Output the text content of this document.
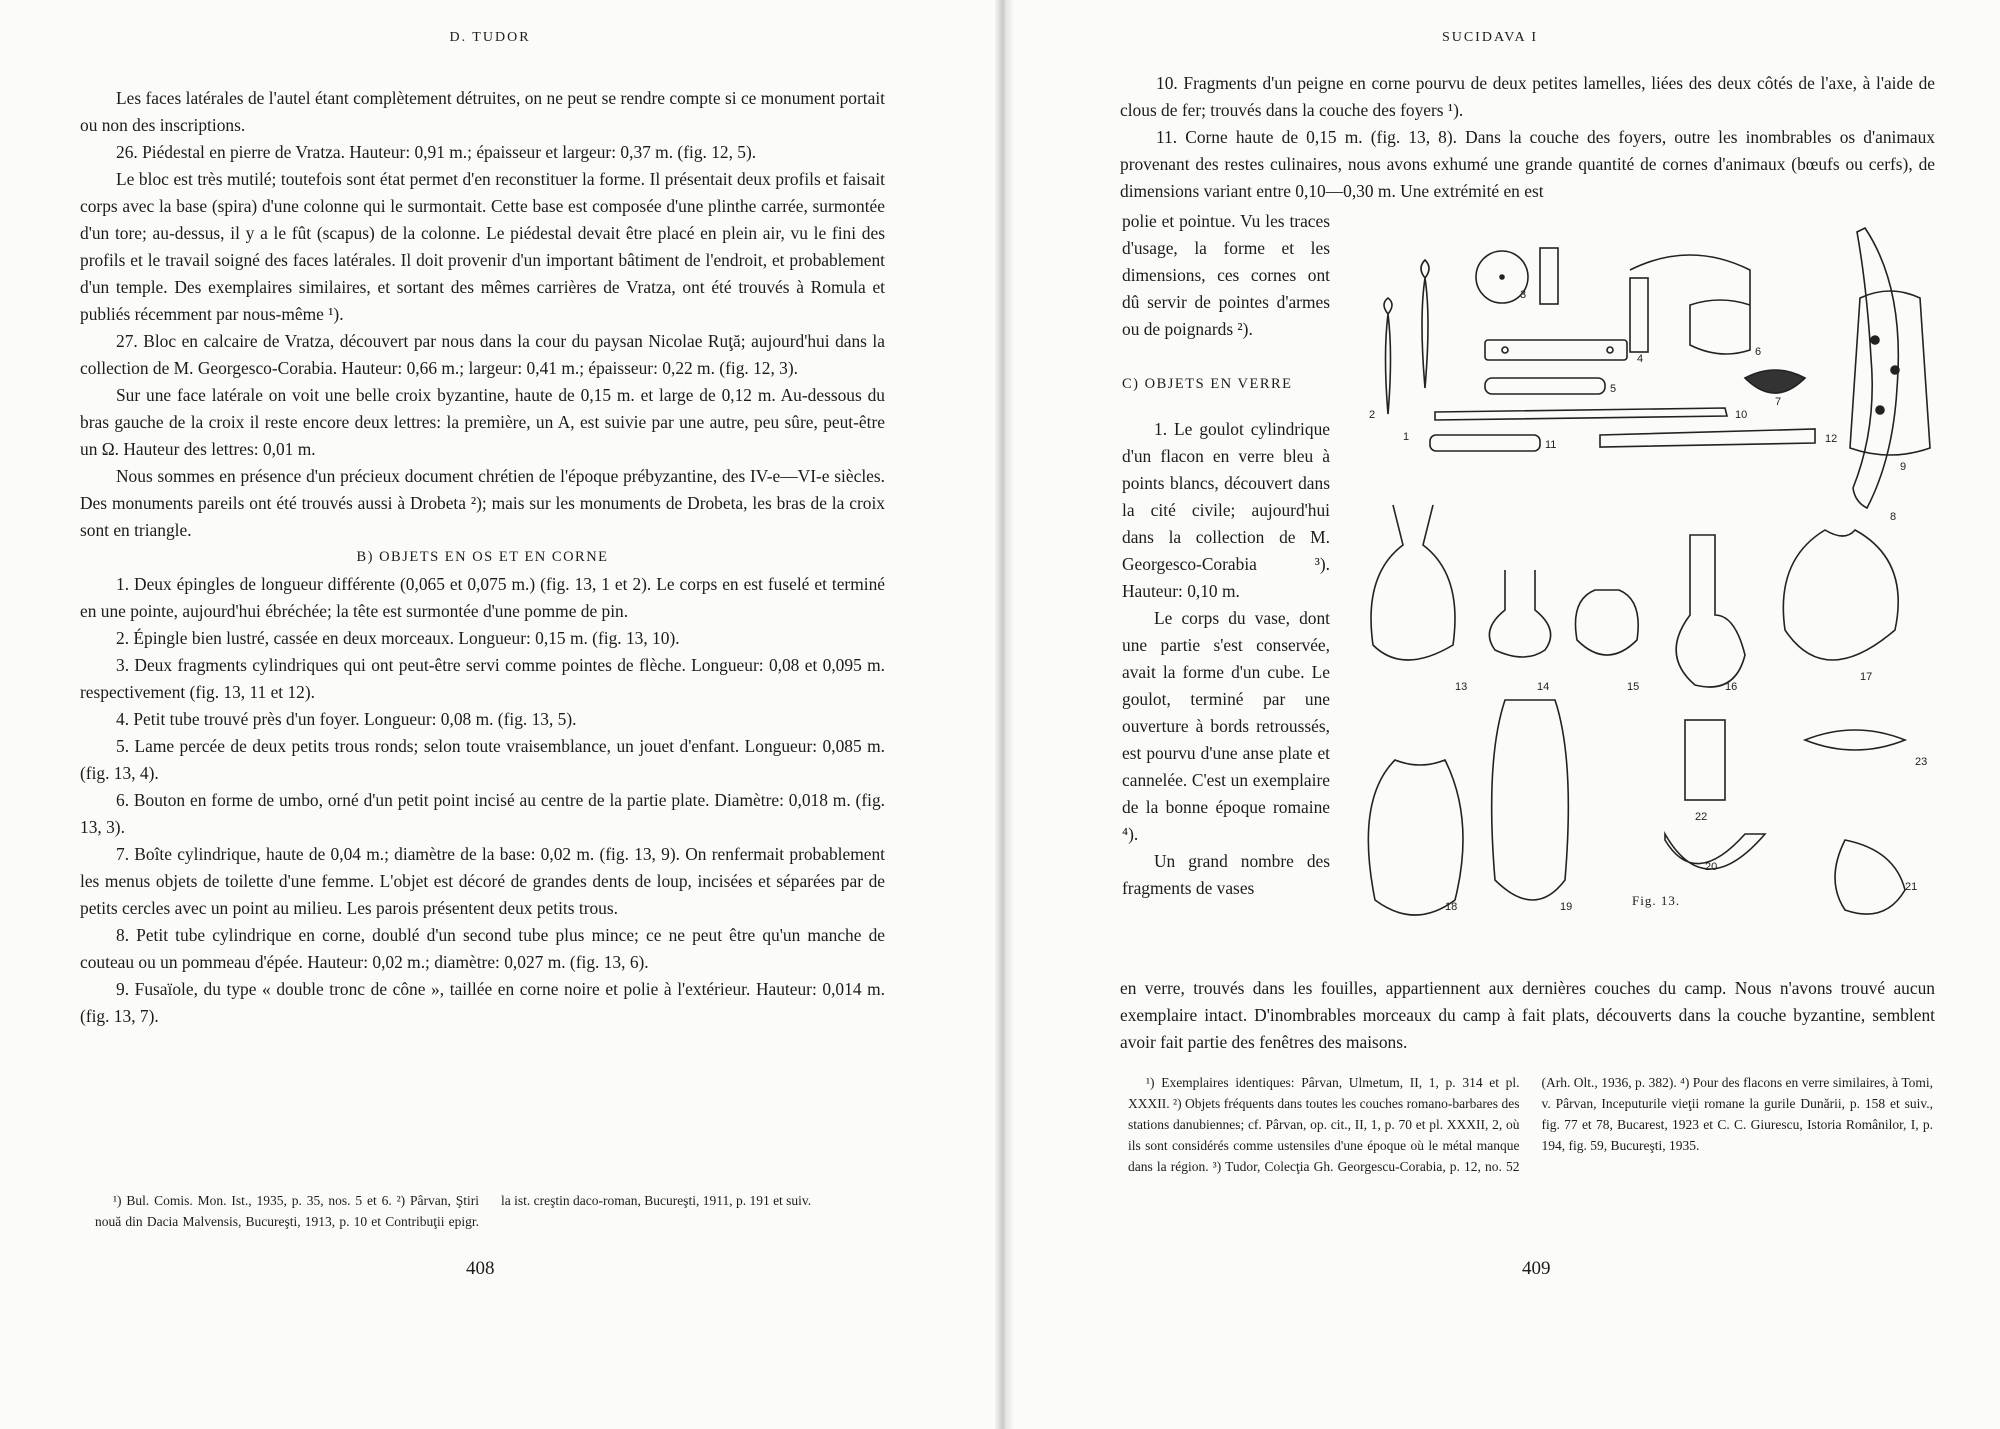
D. TUDOR

Les faces latérales de l'autel étant complètement détruites, on ne peut se rendre compte si ce monument portait ou non des inscriptions.

26. Piédestal en pierre de Vratza. Hauteur: 0,91 m.; épaisseur et largeur: 0,37 m. (fig. 12, 5).

Le bloc est très mutilé; toutefois sont état permet d'en reconstituer la forme. Il présentait deux profils et faisait corps avec la base (spira) d'une colonne qui le surmontait. Cette base est composée d'une plinthe carrée, surmontée d'un tore; au-dessus, il y a le fût (scapus) de la colonne. Le piédestal devait être placé en plein air, vu le fini des profils et le travail soigné des faces latérales. Il doit provenir d'un important bâtiment de l'endroit, et probablement d'un temple. Des exemplaires similaires, et sortant des mêmes carrières de Vratza, ont été trouvés à Romula et publiés récemment par nous-même ¹).

27. Bloc en calcaire de Vratza, découvert par nous dans la cour du paysan Nicolae Ruţă; aujourd'hui dans la collection de M. Georgesco-Corabia. Hauteur: 0,66 m.; largeur: 0,41 m.; épaisseur: 0,22 m. (fig. 12, 3).

Sur une face latérale on voit une belle croix byzantine, haute de 0,15 m. et large de 0,12 m. Au-dessous du bras gauche de la croix il reste encore deux lettres: la première, un A, est suivie par une autre, peu sûre, peut-être un Ω. Hauteur des lettres: 0,01 m.

Nous sommes en présence d'un précieux document chrétien de l'époque prébyzantine, des IV-e—VI-e siècles. Des monuments pareils ont été trouvés aussi à Drobeta ²); mais sur les monuments de Drobeta, les bras de la croix sont en triangle.

B) OBJETS EN OS ET EN CORNE

1. Deux épingles de longueur différente (0,065 et 0,075 m.) (fig. 13, 1 et 2). Le corps en est fuselé et terminé en une pointe, aujourd'hui ébréchée; la tête est surmontée d'une pomme de pin.

2. Épingle bien lustré, cassée en deux morceaux. Longueur: 0,15 m. (fig. 13, 10).

3. Deux fragments cylindriques qui ont peut-être servi comme pointes de flèche. Longueur: 0,08 et 0,095 m. respectivement (fig. 13, 11 et 12).

4. Petit tube trouvé près d'un foyer. Longueur: 0,08 m. (fig. 13, 5).

5. Lame percée de deux petits trous ronds; selon toute vraisemblance, un jouet d'enfant. Longueur: 0,085 m. (fig. 13, 4).

6. Bouton en forme de umbo, orné d'un petit point incisé au centre de la partie plate. Diamètre: 0,018 m. (fig. 13, 3).

7. Boîte cylindrique, haute de 0,04 m.; diamètre de la base: 0,02 m. (fig. 13, 9). On renfermait probablement les menus objets de toilette d'une femme. L'objet est décoré de grandes dents de loup, incisées et séparées par de petits cercles avec un point au milieu. Les parois présentent deux petits trous.

8. Petit tube cylindrique en corne, doublé d'un second tube plus mince; ce ne peut être qu'un manche de couteau ou un pommeau d'épée. Hauteur: 0,02 m.; diamètre: 0,027 m. (fig. 13, 6).

9. Fusaïole, du type « double tronc de cône », taillée en corne noire et polie à l'extérieur. Hauteur: 0,014 m. (fig. 13, 7).

¹) Bul. Comis. Mon. Ist., 1935, p. 35, nos. 5 et 6. ²) Pârvan, Ştiri nouă din Dacia Malvensis, Bucureşti, 1913, p. 10 et Contribuţii epigr. la ist. creştin daco-roman, Bucureşti, 1911, p. 191 et suiv.

408
SUCIDAVA I

10. Fragments d'un peigne en corne pourvu de deux petites lamelles, liées des deux côtés de l'axe, à l'aide de clous de fer; trouvés dans la couche des foyers ¹).

11. Corne haute de 0,15 m. (fig. 13, 8). Dans la couche des foyers, outre les inombrables os d'animaux provenant des restes culinaires, nous avons exhumé une grande quantité de cornes d'animaux (bœufs ou cerfs), de dimensions variant entre 0,10—0,30 m. Une extrémité en est

polie et pointue. Vu les traces d'usage, la forme et les dimensions, ces cornes ont dû servir de pointes d'armes ou de poignards ²).

C) OBJETS EN VERRE

1. Le goulot cylindrique d'un flacon en verre bleu à points blancs, découvert dans la cité civile; aujourd'hui dans la collection de M. Georgesco-Corabia ³). Hauteur: 0,10 m.

Le corps du vase, dont une partie s'est conservée, avait la forme d'un cube. Le goulot, terminé par une ouverture à bords retroussés, est pourvu d'une anse plate et cannelée. C'est un exemplaire de la bonne époque romaine ⁴).

Un grand nombre des fragments de vases

1
2
3
4
5
6
7
8
9
10
11	12
13	14	15	16
17
18	19
20
21
22
23
Fig. 13.

en verre, trouvés dans les fouilles, appartiennent aux dernières couches du camp. Nous n'avons trouvé aucun exemplaire intact. D'inombrables morceaux du camp à fait plats, découverts dans la couche byzantine, semblent avoir fait partie des fenêtres des maisons.

¹) Exemplaires identiques: Pârvan, Ulmetum, II, 1, p. 314 et pl. XXXII. ²) Objets fréquents dans toutes les couches romano-barbares des stations danubiennes; cf. Pârvan, op. cit., II, 1, p. 70 et pl. XXXII, 2, où ils sont considérés comme ustensiles d'une époque où le métal manque dans la région. ³) Tudor, Colecţia Gh. Georgescu-Corabia, p. 12, no. 52 (Arh. Olt., 1936, p. 382). ⁴) Pour des flacons en verre similaires, à Tomi, v. Pârvan, Inceputurile vieţii romane la gurile Dunării, p. 158 et suiv., fig. 77 et 78, Bucarest, 1923 et C. C. Giurescu, Istoria Românilor, I, p. 194, fig. 59, Bucureşti, 1935.

409
